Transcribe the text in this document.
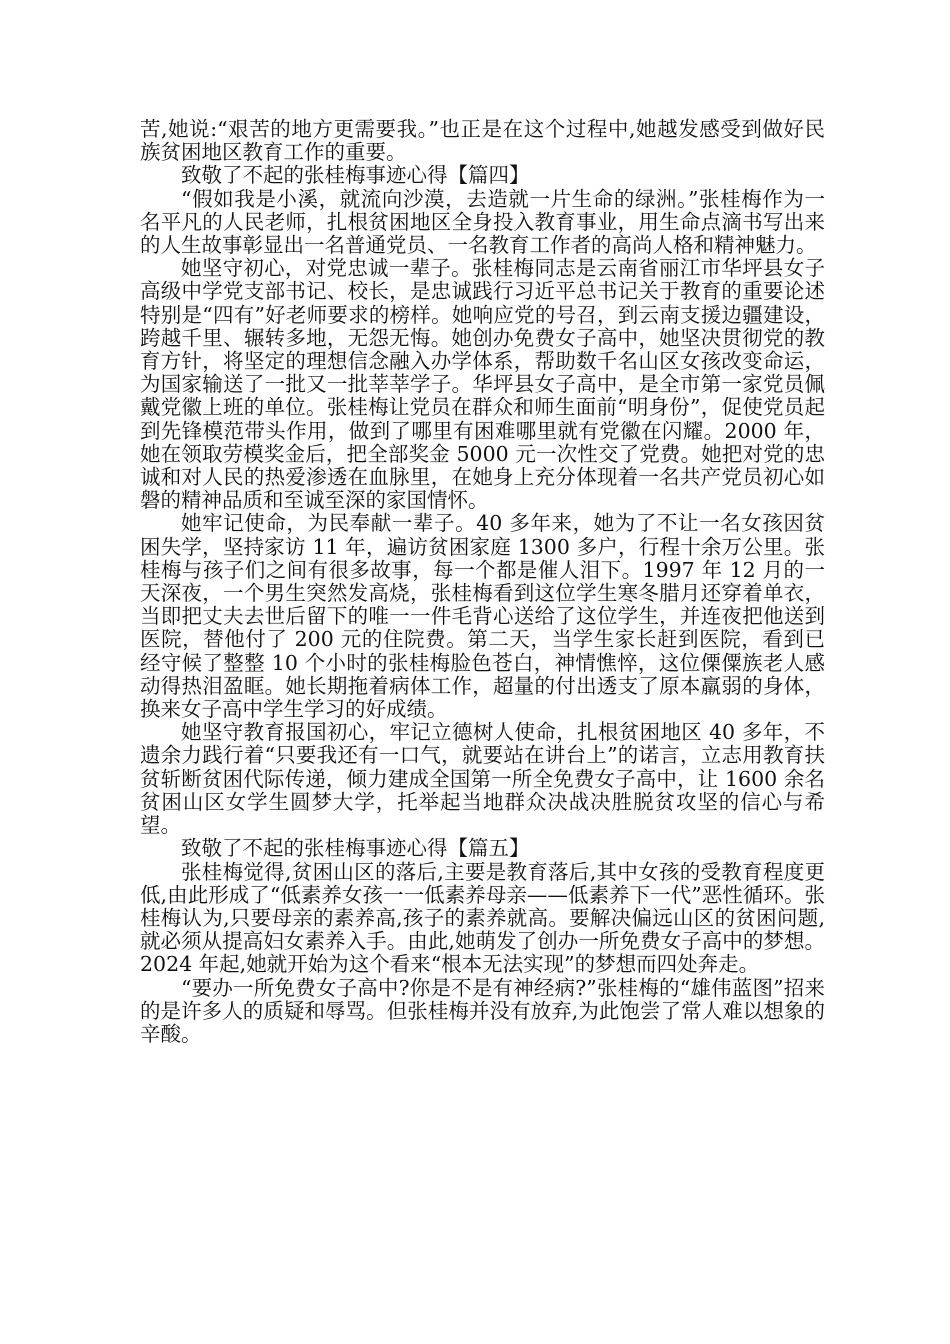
苦,她说:“艰苦的地方更需要我。”也正是在这个过程中,她越发感受到做好民族贫困地区教育工作的重要。

致敬了不起的张桂梅事迹心得【篇四】

“假如我是小溪，就流向沙漠，去造就一片生命的绿洲。”张桂梅作为一名平凡的人民老师，扎根贫困地区全身投入教育事业，用生命点滴书写出来的人生故事彰显出一名普通党员、一名教育工作者的高尚人格和精神魅力。

她坚守初心，对党忠诚一辈子。张桂梅同志是云南省丽江市华坪县女子高级中学党支部书记、校长，是忠诚践行习近平总书记关于教育的重要论述特别是“四有”好老师要求的榜样。她响应党的号召，到云南支援边疆建设，跨越千里、辗转多地，无怨无悔。她创办免费女子高中，她坚决贯彻党的教育方针，将坚定的理想信念融入办学体系，帮助数千名山区女孩改变命运，为国家输送了一批又一批莘莘学子。华坪县女子高中，是全市第一家党员佩戴党徽上班的单位。张桂梅让党员在群众和师生面前“明身份”，促使党员起到先锋模范带头作用，做到了哪里有困难哪里就有党徽在闪耀。2000 年，她在领取劳模奖金后，把全部奖金 5000 元一次性交了党费。她把对党的忠诚和对人民的热爱渗透在血脉里，在她身上充分体现着一名共产党员初心如磐的精神品质和至诚至深的家国情怀。

她牢记使命，为民奉献一辈子。40 多年来，她为了不让一名女孩因贫困失学，坚持家访 11 年，遍访贫困家庭 1300 多户，行程十余万公里。张桂梅与孩子们之间有很多故事，每一个都是催人泪下。1997 年 12 月的一天深夜，一个男生突然发高烧，张桂梅看到这位学生寒冬腊月还穿着单衣，当即把丈夫去世后留下的唯一一件毛背心送给了这位学生，并连夜把他送到医院，替他付了 200 元的住院费。第二天，当学生家长赶到医院，看到已经守候了整整 10 个小时的张桂梅脸色苍白，神情憔悴，这位傈僳族老人感动得热泪盈眶。她长期拖着病体工作，超量的付出透支了原本羸弱的身体，换来女子高中学生学习的好成绩。

她坚守教育报国初心，牢记立德树人使命，扎根贫困地区 40 多年，不遗余力践行着“只要我还有一口气，就要站在讲台上”的诺言，立志用教育扶贫斩断贫困代际传递，倾力建成全国第一所全免费女子高中，让 1600 余名贫困山区女学生圆梦大学，托举起当地群众决战决胜脱贫攻坚的信心与希望。

致敬了不起的张桂梅事迹心得【篇五】

张桂梅觉得,贫困山区的落后,主要是教育落后,其中女孩的受教育程度更低,由此形成了“低素养女孩一一低素养母亲——低素养下一代”恶性循环。张桂梅认为,只要母亲的素养高,孩子的素养就高。要解决偏远山区的贫困问题,就必须从提高妇女素养入手。由此,她萌发了创办一所免费女子高中的梦想。2024 年起,她就开始为这个看来“根本无法实现”的梦想而四处奔走。

“要办一所免费女子高中?你是不是有神经病?”张桂梅的“雄伟蓝图”招来的是许多人的质疑和辱骂。但张桂梅并没有放弃,为此饱尝了常人难以想象的辛酸。
